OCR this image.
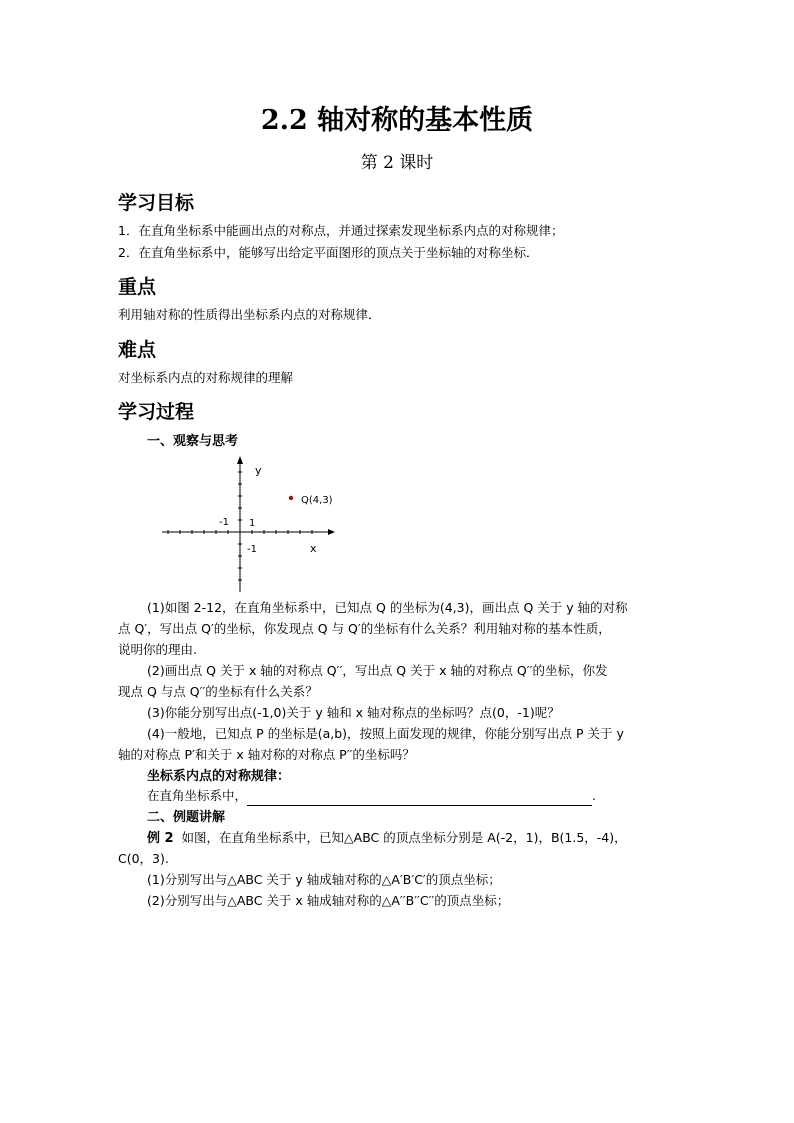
2.2 轴对称的基本性质
第 2 课时
学习目标
1．在直角坐标系中能画出点的对称点，并通过探索发现坐标系内点的对称规律；
2．在直角坐标系中，能够写出给定平面图形的顶点关于坐标轴的对称坐标．
重点
利用轴对称的性质得出坐标系内点的对称规律．
难点
对坐标系内点的对称规律的理解
学习过程
一、观察与思考
y
x
-1 1
-1
Q(4,3)
(1)如图 2-12，在直角坐标系中，已知点 Q 的坐标为(4,3)，画出点 Q 关于 y 轴的对称
点 Q′，写出点 Q′的坐标，你发现点 Q 与 Q′的坐标有什么关系？利用轴对称的基本性质，
说明你的理由.
(2)画出点 Q 关于 x 轴的对称点 Q′′，写出点 Q 关于 x 轴的对称点 Q′′的坐标，你发
现点 Q 与点 Q′′的坐标有什么关系？
(3)你能分别写出点(-1,0)关于 y 轴和 x 轴对称点的坐标吗？点(0，-1)呢？
(4)一般地，已知点 P 的坐标是(a,b)，按照上面发现的规律，你能分别写出点 P 关于 y
轴的对称点 P′和关于 x 轴对称的对称点 P′′的坐标吗？
坐标系内点的对称规律：
在直角坐标系中，	.
二、例题讲解
例 2 如图，在直角坐标系中，已知△ABC 的顶点坐标分别是 A(-2，1)，B(1.5，-4)，
C(0，3).
(1)分别写出与△ABC 关于 y 轴成轴对称的△A′B′C′的顶点坐标；
(2)分别写出与△ABC 关于 x 轴成轴对称的△A′′B′′C′′的顶点坐标；
